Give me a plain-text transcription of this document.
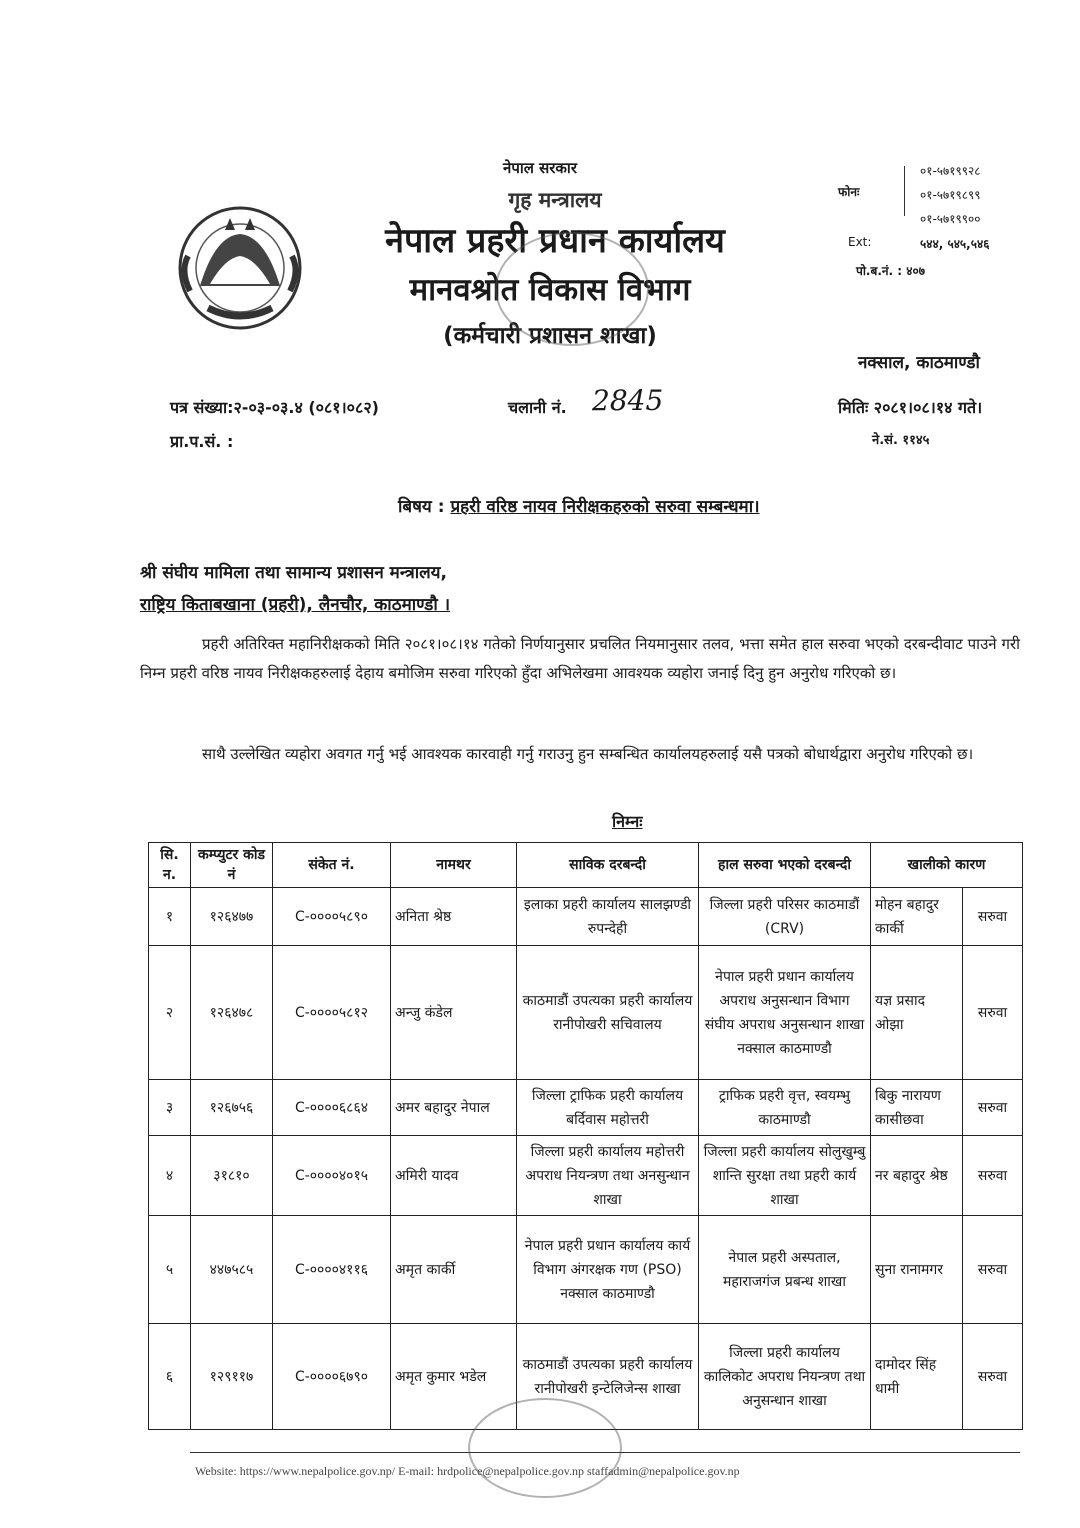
नेपाल सरकार
गृह मन्त्रालय
नेपाल प्रहरी प्रधान कार्यालय
मानवश्रोत विकास विभाग
(कर्मचारी प्रशासन शाखा)
फोनः
०१-५७१९९२८
०१-५७१९८९९
०१-५७१९९००
Ext:	५४४, ५४५,५४६
पो.ब.नं. : ४०७
नक्साल, काठमाण्डौ
पत्र संख्या:२-०३-०३.४ (०८१।०८२)	चलानी नं. 2845	मितिः २०८१।०८।१४ गते।
प्रा.प.सं. :	ने.सं. ११४५
बिषय : प्रहरी वरिष्ठ नायव निरीक्षकहरुको सरुवा सम्बन्धमा।
श्री संघीय मामिला तथा सामान्य प्रशासन मन्त्रालय,
राष्ट्रिय किताबखाना (प्रहरी), लैनचौर, काठमाण्डौ ।
प्रहरी अतिरिक्त महानिरीक्षकको मिति २०८१।०८।१४ गतेको निर्णयानुसार प्रचलित नियमानुसार तलव, भत्ता समेत हाल सरुवा भएको दरबन्दीवाट पाउने गरी निम्न प्रहरी वरिष्ठ नायव निरीक्षकहरुलाई देहाय बमोजिम सरुवा गरिएको हुँदा अभिलेखमा आवश्यक व्यहोरा जनाई दिनु हुन अनुरोध गरिएको छ।
साथै उल्लेखित व्यहोरा अवगत गर्नु भई आवश्यक कारवाही गर्नु गराउनु हुन सम्बन्धित कार्यालयहरुलाई यसै पत्रको बोधार्थद्वारा अनुरोध गरिएको छ।
निम्नः
सि. न.	कम्प्युटर कोड नं	संकेत नं.	नामथर	साविक दरबन्दी	हाल सरुवा भएको दरबन्दी	खालीको कारण	
१	१२६४७७	C-००००५८९०	अनिता श्रेष्ठ	इलाका प्रहरी कार्यालय सालझण्डी रुपन्देही	जिल्ला प्रहरी परिसर काठमाडौं (CRV)	मोहन बहादुर कार्की	सरुवा
२	१२६४७८	C-००००५८१२	अन्जु कंडेल	काठमाडौं उपत्यका प्रहरी कार्यालय रानीपोखरी सचिवालय	नेपाल प्रहरी प्रधान कार्यालय अपराध अनुसन्धान विभाग संघीय अपराध अनुसन्धान शाखा नक्साल काठमाण्डौ	यज्ञ प्रसाद ओझा	सरुवा
३	१२६७५६	C-००००६८६४	अमर बहादुर नेपाल	जिल्ला ट्राफिक प्रहरी कार्यालय बर्दिवास महोत्तरी	ट्राफिक प्रहरी वृत्त, स्वयम्भु काठमाण्डौ	बिकु नारायण कासीछवा	सरुवा
४	३१८१०	C-००००४०१५	अमिरी यादव	जिल्ला प्रहरी कार्यालय महोत्तरी अपराध नियन्त्रण तथा अनसुन्धान शाखा	जिल्ला प्रहरी कार्यालय सोलुखुम्बु शान्ति सुरक्षा तथा प्रहरी कार्य शाखा	नर बहादुर श्रेष्ठ	सरुवा
५	४४७५८५	C-००००४११६	अमृत कार्की	नेपाल प्रहरी प्रधान कार्यालय कार्य विभाग अंगरक्षक गण (PSO) नक्साल काठमाण्डौ	नेपाल प्रहरी अस्पताल, महाराजगंज प्रबन्ध शाखा	सुना रानामगर	सरुवा
६	१२९११७	C-००००६७९०	अमृत कुमार भडेल	काठमाडौं उपत्यका प्रहरी कार्यालय रानीपोखरी इन्टेलिजेन्स शाखा	जिल्ला प्रहरी कार्यालय कालिकोट अपराध नियन्त्रण तथा अनुसन्धान शाखा	दामोदर सिंह धामी	सरुवा
Website: https://www.nepalpolice.gov.np/ E-mail: hrdpolice@nepalpolice.gov.np staffadmin@nepalpolice.gov.np
